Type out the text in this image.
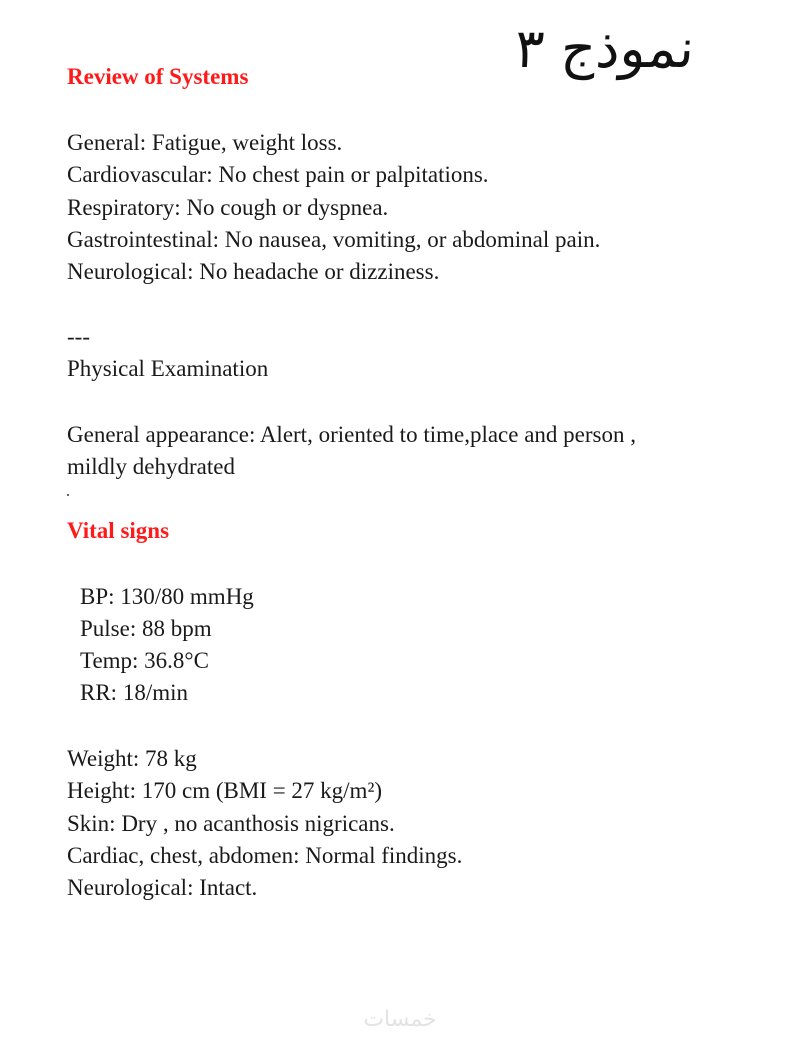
نموذج ٣
Review of Systems
General: Fatigue, weight loss.
Cardiovascular: No chest pain or palpitations.
Respiratory: No cough or dyspnea.
Gastrointestinal: No nausea, vomiting, or abdominal pain.
Neurological: No headache or dizziness.
---
Physical Examination
General appearance: Alert, oriented to time,place and person ,
mildly dehydrated
Vital signs
BP: 130/80 mmHg
Pulse: 88 bpm
Temp: 36.8°C
RR: 18/min
Weight: 78 kg
Height: 170 cm (BMI = 27 kg/m²)
Skin: Dry , no acanthosis nigricans.
Cardiac, chest, abdomen: Normal findings.
Neurological: Intact.
خمسات
